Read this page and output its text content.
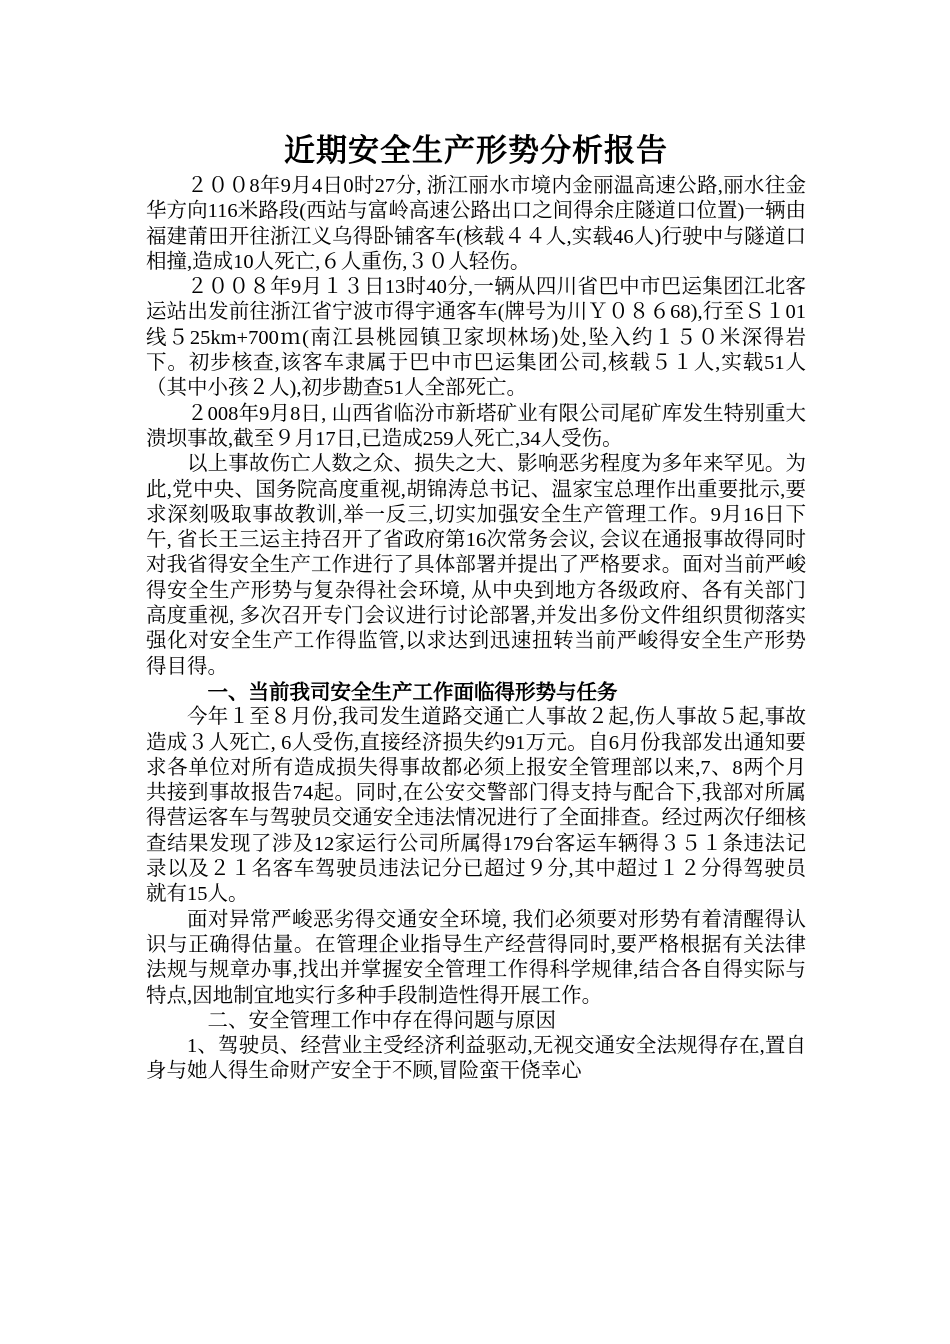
近期安全生产形势分析报告

２００8年9月4日0时27分, 浙江丽水市境内金丽温高速公路,丽水往金华方向116米路段(西站与富岭高速公路出口之间得余庄隧道口位置)一辆由福建莆田开往浙江义乌得卧铺客车(核载４４人,实载46人)行驶中与隧道口相撞,造成10人死亡,６人重伤,３０人轻伤。

２００８年9月１３日13时40分,一辆从四川省巴中市巴运集团江北客运站出发前往浙江省宁波市得宇通客车(牌号为川Ｙ０８６68),行至Ｓ１01线５25km+700ｍ(南江县桃园镇卫家坝林场)处,坠入约１５０米深得岩下。初步核查,该客车隶属于巴中市巴运集团公司,核载５１人,实载51人（其中小孩２人),初步勘查51人全部死亡。

２008年9月8日, 山西省临汾市新塔矿业有限公司尾矿库发生特别重大溃坝事故,截至９月17日,已造成259人死亡,34人受伤。

以上事故伤亡人数之众、损失之大、影响恶劣程度为多年来罕见。为此,党中央、国务院高度重视,胡锦涛总书记、温家宝总理作出重要批示,要求深刻吸取事故教训,举一反三,切实加强安全生产管理工作。9月16日下午, 省长王三运主持召开了省政府第16次常务会议, 会议在通报事故得同时对我省得安全生产工作进行了具体部署并提出了严格要求。面对当前严峻得安全生产形势与复杂得社会环境, 从中央到地方各级政府、各有关部门高度重视, 多次召开专门会议进行讨论部署,并发出多份文件组织贯彻落实强化对安全生产工作得监管,以求达到迅速扭转当前严峻得安全生产形势得目得。

一、当前我司安全生产工作面临得形势与任务

今年１至８月份,我司发生道路交通亡人事故２起,伤人事故５起,事故造成３人死亡, 6人受伤,直接经济损失约91万元。自6月份我部发出通知要求各单位对所有造成损失得事故都必须上报安全管理部以来,7、8两个月共接到事故报告74起。同时,在公安交警部门得支持与配合下,我部对所属得营运客车与驾驶员交通安全违法情况进行了全面排查。经过两次仔细核查结果发现了涉及12家运行公司所属得179台客运车辆得３５１条违法记录以及２１名客车驾驶员违法记分已超过９分,其中超过１２分得驾驶员就有15人。

面对异常严峻恶劣得交通安全环境, 我们必须要对形势有着清醒得认识与正确得估量。在管理企业指导生产经营得同时,要严格根据有关法律法规与规章办事,找出并掌握安全管理工作得科学规律,结合各自得实际与特点,因地制宜地实行多种手段制造性得开展工作。

二、安全管理工作中存在得问题与原因

1、驾驶员、经营业主受经济利益驱动,无视交通安全法规得存在,置自身与她人得生命财产安全于不顾,冒险蛮干侥幸心
